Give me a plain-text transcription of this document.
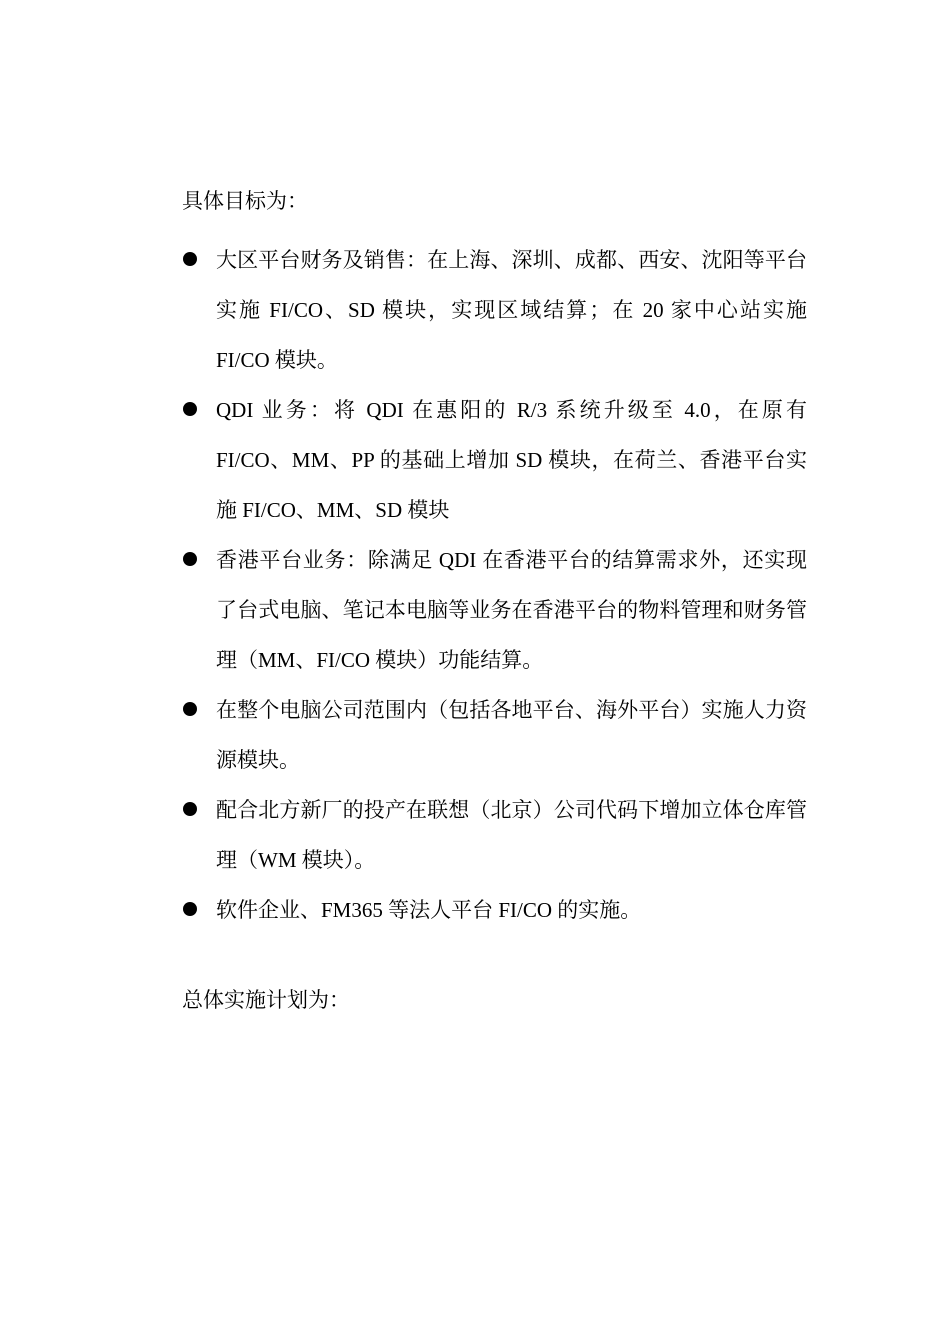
具体目标为：
大区平台财务及销售：在上海、深圳、成都、西安、沈阳等平台实施 FI/CO、SD 模块，实现区域结算；在 20 家中心站实施 FI/CO 模块。
QDI 业务：将 QDI 在惠阳的 R/3 系统升级至 4.0，在原有 FI/CO、MM、PP 的基础上增加 SD 模块，在荷兰、香港平台实施 FI/CO、MM、SD 模块
香港平台业务：除满足 QDI 在香港平台的结算需求外，还实现了台式电脑、笔记本电脑等业务在香港平台的物料管理和财务管理（MM、FI/CO 模块）功能结算。
在整个电脑公司范围内（包括各地平台、海外平台）实施人力资源模块。
配合北方新厂的投产在联想（北京）公司代码下增加立体仓库管理（WM 模块）。
软件企业、FM365 等法人平台 FI/CO 的实施。
总体实施计划为：
